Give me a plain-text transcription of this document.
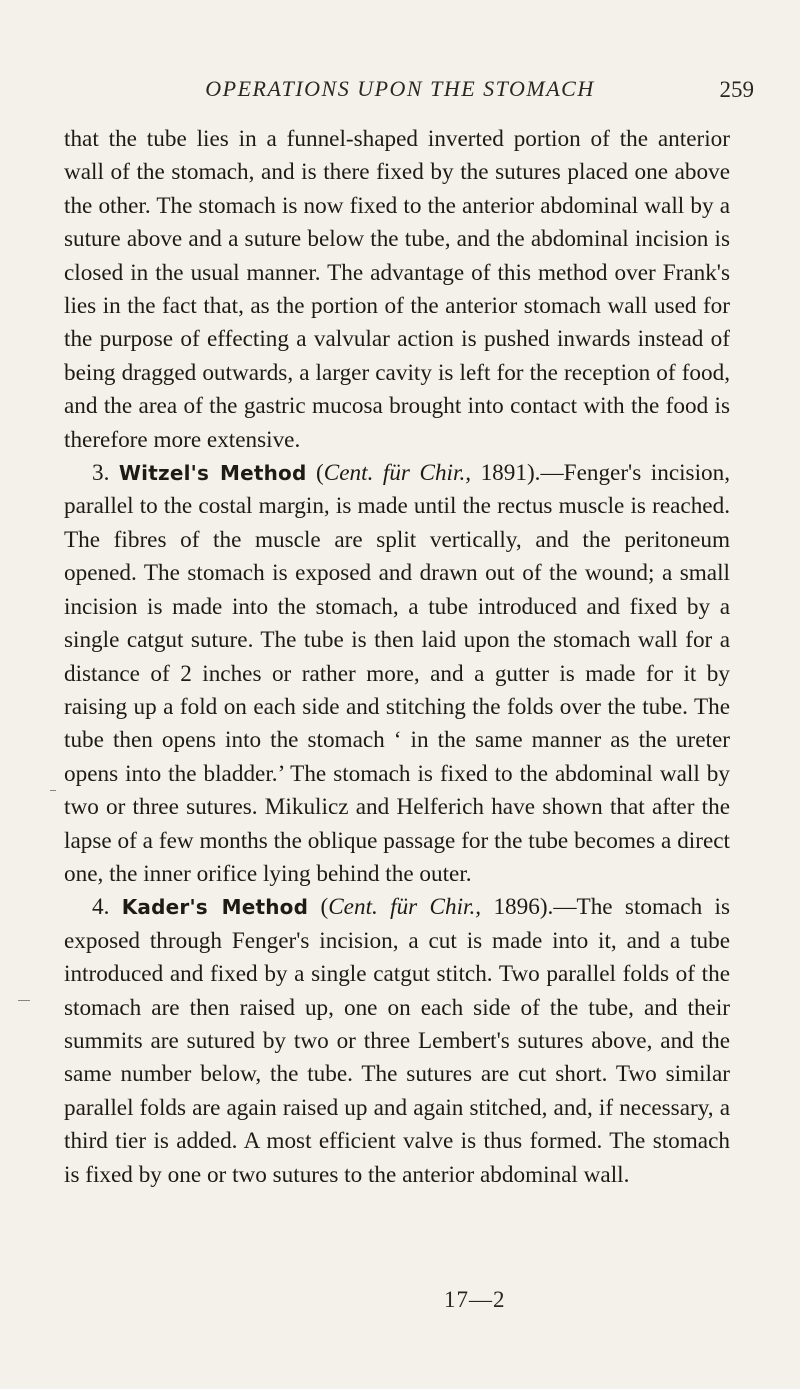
OPERATIONS UPON THE STOMACH	259

that the tube lies in a funnel-shaped inverted portion of the anterior wall of the stomach, and is there fixed by the sutures placed one above the other. The stomach is now fixed to the anterior abdominal wall by a suture above and a suture below the tube, and the abdominal incision is closed in the usual manner. The advantage of this method over Frank's lies in the fact that, as the portion of the anterior stomach wall used for the purpose of effecting a valvular action is pushed inwards instead of being dragged outwards, a larger cavity is left for the reception of food, and the area of the gastric mucosa brought into contact with the food is therefore more extensive.

3. Witzel's Method (Cent. für Chir., 1891).—Fenger's incision, parallel to the costal margin, is made until the rectus muscle is reached. The fibres of the muscle are split vertically, and the peritoneum opened. The stomach is exposed and drawn out of the wound; a small incision is made into the stomach, a tube introduced and fixed by a single catgut suture. The tube is then laid upon the stomach wall for a distance of 2 inches or rather more, and a gutter is made for it by raising up a fold on each side and stitching the folds over the tube. The tube then opens into the stomach ‘ in the same manner as the ureter opens into the bladder.’ The stomach is fixed to the abdominal wall by two or three sutures. Mikulicz and Helferich have shown that after the lapse of a few months the oblique passage for the tube becomes a direct one, the inner orifice lying behind the outer.

4. Kader's Method (Cent. für Chir., 1896).—The stomach is exposed through Fenger's incision, a cut is made into it, and a tube introduced and fixed by a single catgut stitch. Two parallel folds of the stomach are then raised up, one on each side of the tube, and their summits are sutured by two or three Lembert's sutures above, and the same number below, the tube. The sutures are cut short. Two similar parallel folds are again raised up and again stitched, and, if necessary, a third tier is added. A most efficient valve is thus formed. The stomach is fixed by one or two sutures to the anterior abdominal wall.

17—2
